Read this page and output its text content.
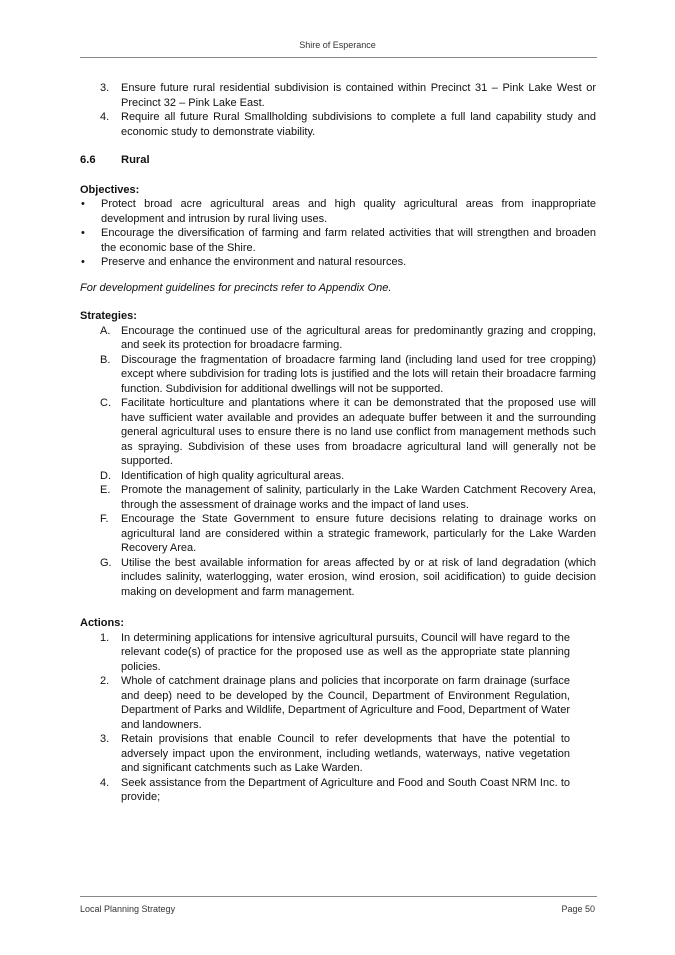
Shire of Esperance
3.	Ensure future rural residential subdivision is contained within Precinct 31 – Pink Lake West or Precinct 32 – Pink Lake East.
4.	Require all future Rural Smallholding subdivisions to complete a full land capability study and economic study to demonstrate viability.
6.6	Rural
Objectives:
•	Protect broad acre agricultural areas and high quality agricultural areas from inappropriate development and intrusion by rural living uses.
•	Encourage the diversification of farming and farm related activities that will strengthen and broaden the economic base of the Shire.
•	Preserve and enhance the environment and natural resources.
For development guidelines for precincts refer to Appendix One.
Strategies:
A. Encourage the continued use of the agricultural areas for predominantly grazing and cropping, and seek its protection for broadacre farming.
B. Discourage the fragmentation of broadacre farming land (including land used for tree cropping) except where subdivision for trading lots is justified and the lots will retain their broadacre farming function. Subdivision for additional dwellings will not be supported.
C. Facilitate horticulture and plantations where it can be demonstrated that the proposed use will have sufficient water available and provides an adequate buffer between it and the surrounding general agricultural uses to ensure there is no land use conflict from management methods such as spraying. Subdivision of these uses from broadacre agricultural land will generally not be supported.
D. Identification of high quality agricultural areas.
E. Promote the management of salinity, particularly in the Lake Warden Catchment Recovery Area, through the assessment of drainage works and the impact of land uses.
F.	Encourage the State Government to ensure future decisions relating to drainage works on agricultural land are considered within a strategic framework, particularly for the Lake Warden Recovery Area.
G. Utilise the best available information for areas affected by or at risk of land degradation (which includes salinity, waterlogging, water erosion, wind erosion, soil acidification) to guide decision making on development and farm management.
Actions:
1.	In determining applications for intensive agricultural pursuits, Council will have regard to the relevant code(s) of practice for the proposed use as well as the appropriate state planning policies.
2.	Whole of catchment drainage plans and policies that incorporate on farm drainage (surface and deep) need to be developed by the Council, Department of Environment Regulation, Department of Parks and Wildlife, Department of Agriculture and Food, Department of Water and landowners.
3.	Retain provisions that enable Council to refer developments that have the potential to adversely impact upon the environment, including wetlands, waterways, native vegetation and significant catchments such as Lake Warden.
4.	Seek assistance from the Department of Agriculture and Food and South Coast NRM Inc. to provide;
Local Planning Strategy	Page 50
